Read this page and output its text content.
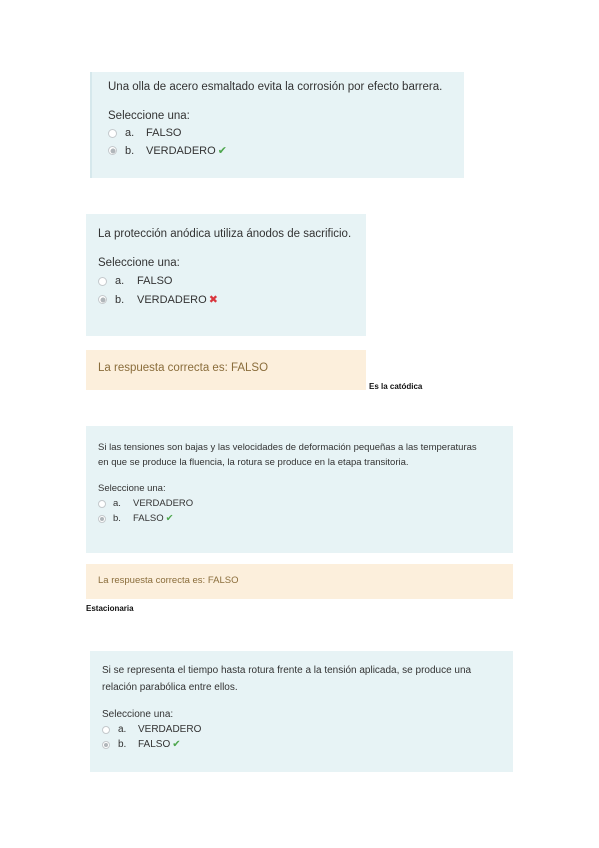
Una olla de acero esmaltado evita la corrosión por efecto barrera.

Seleccione una:

a.	FALSO
b.	VERDADERO ✔

La protección anódica utiliza ánodos de sacrificio.

Seleccione una:

a.	FALSO
b.	VERDADERO ✖
La respuesta correcta es: FALSO
Es la catódica
Si las tensiones son bajas y las velocidades de deformación pequeñas a las temperaturas
en que se produce la fluencia, la rotura se produce en la etapa transitoria.

Seleccione una:

a.	VERDADERO
b.	FALSO ✔
La respuesta correcta es: FALSO
Estacionaria
Si se representa el tiempo hasta rotura frente a la tensión aplicada, se produce una
relación parabólica entre ellos.

Seleccione una:

a.	VERDADERO
b.	FALSO ✔
